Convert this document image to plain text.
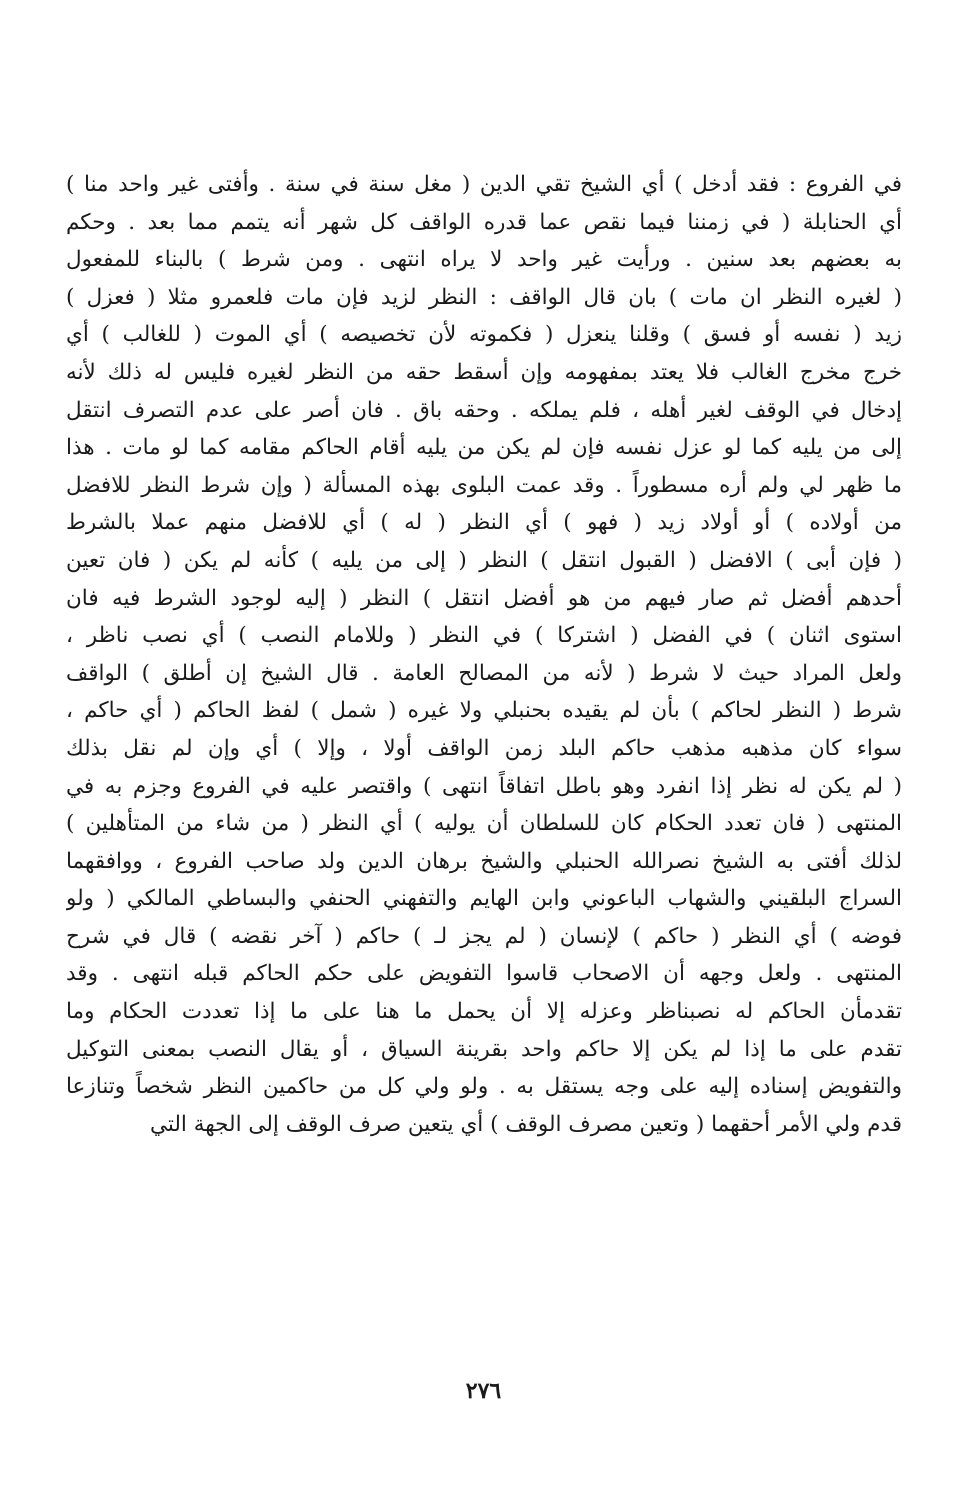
في الفروع : فقد أدخل ) أي الشيخ تقي الدين ( مغل سنة في سنة . وأفتى غير واحد منا )
أي الحنابلة ( في زمننا فيما نقص عما قدره الواقف كل شهر أنه يتمم مما بعد . وحكم
به بعضهم بعد سنين . ورأيت غير واحد لا يراه انتهى . ومن شرط ) بالبناء للمفعول
( لغيره النظر ان مات ) بان قال الواقف : النظر لزيد فإن مات فلعمرو مثلا ( فعزل )
زيد ( نفسه أو فسق ) وقلنا ينعزل ( فكموته لأن تخصيصه ) أي الموت ( للغالب ) أي
خرج مخرج الغالب فلا يعتد بمفهومه وإن أسقط حقه من النظر لغيره فليس له ذلك لأنه
إدخال في الوقف لغير أهله ، فلم يملكه . وحقه باق . فان أصر على عدم التصرف انتقل
إلى من يليه كما لو عزل نفسه فإن لم يكن من يليه أقام الحاكم مقامه كما لو مات . هذا
ما ظهر لي ولم أره مسطوراً . وقد عمت البلوى بهذه المسألة ( وإن شرط النظر للافضل
من أولاده ) أو أولاد زيد ( فهو ) أي النظر ( له ) أي للافضل منهم عملا بالشرط
( فإن أبى ) الافضل ( القبول انتقل ) النظر ( إلى من يليه ) كأنه لم يكن ( فان تعين
أحدهم أفضل ثم صار فيهم من هو أفضل انتقل ) النظر ( إليه لوجود الشرط فيه فان
استوى اثنان ) في الفضل ( اشتركا ) في النظر ( وللامام النصب ) أي نصب ناظر ،
ولعل المراد حيث لا شرط ( لأنه من المصالح العامة . قال الشيخ إن أطلق ) الواقف
شرط ( النظر لحاكم ) بأن لم يقيده بحنبلي ولا غيره ( شمل ) لفظ الحاكم ( أي حاكم ،
سواء كان مذهبه مذهب حاكم البلد زمن الواقف أولا ، وإلا ) أي وإن لم نقل بذلك
( لم يكن له نظر إذا انفرد وهو باطل اتفاقاً انتهى ) واقتصر عليه في الفروع وجزم به في
المنتهى ( فان تعدد الحكام كان للسلطان أن يوليه ) أي النظر ( من شاء من المتأهلين )
لذلك أفتى به الشيخ نصرالله الحنبلي والشيخ برهان الدين ولد صاحب الفروع ، ووافقهما
السراج البلقيني والشهاب الباعوني وابن الهايم والتفهني الحنفي والبساطي المالكي ( ولو
فوضه ) أي النظر ( حاكم ) لإنسان ( لم يجز لـ ) حاكم ( آخر نقضه ) قال في شرح
المنتهى . ولعل وجهه أن الاصحاب قاسوا التفويض على حكم الحاكم قبله انتهى . وقد
تقدمأن الحاكم له نصبناظر وعزله إلا أن يحمل ما هنا على ما إذا تعددت الحكام وما
تقدم على ما إذا لم يكن إلا حاكم واحد بقرينة السياق ، أو يقال النصب بمعنى التوكيل
والتفويض إسناده إليه على وجه يستقل به . ولو ولي كل من حاكمين النظر شخصاً وتنازعا
قدم ولي الأمر أحقهما ( وتعين مصرف الوقف ) أي يتعين صرف الوقف إلى الجهة التي
٢٧٦
